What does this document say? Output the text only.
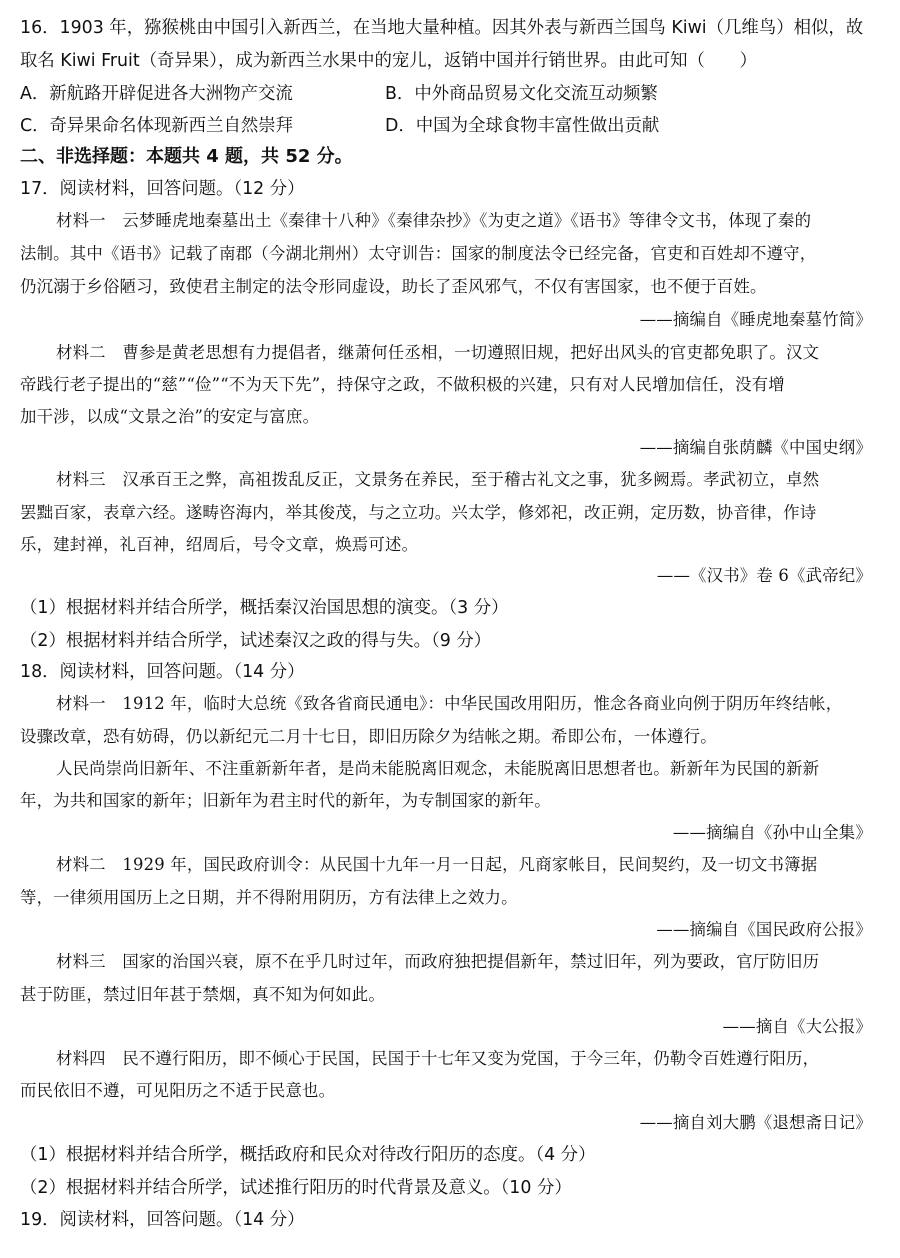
16．1903 年，猕猴桃由中国引入新西兰，在当地大量种植。因其外表与新西兰国鸟 Kiwi（几维鸟）相似，故
取名 Kiwi Fruit（奇异果），成为新西兰水果中的宠儿，返销中国并行销世界。由此可知（　　）
A．新航路开辟促进各大洲物产交流	B．中外商品贸易文化交流互动频繁
C．奇异果命名体现新西兰自然崇拜	D．中国为全球食物丰富性做出贡献
二、非选择题：本题共 4 题，共 52 分。
17．阅读材料，回答问题。（12 分）
材料一　云梦睡虎地秦墓出土《秦律十八种》《秦律杂抄》《为吏之道》《语书》等律令文书，体现了秦的
法制。其中《语书》记载了南郡（今湖北荆州）太守训告：国家的制度法令已经完备，官吏和百姓却不遵守，
仍沉溺于乡俗陋习，致使君主制定的法令形同虚设，助长了歪风邪气，不仅有害国家，也不便于百姓。
——摘编自《睡虎地秦墓竹简》
材料二　曹参是黄老思想有力提倡者，继萧何任丞相，一切遵照旧规，把好出风头的官吏都免职了。汉文
帝践行老子提出的“慈”“俭”“不为天下先”，持保守之政，不做积极的兴建，只有对人民增加信任，没有增
加干涉，以成“文景之治”的安定与富庶。
——摘编自张荫麟《中国史纲》
材料三　汉承百王之弊，高祖拨乱反正，文景务在养民，至于稽古礼文之事，犹多阙焉。孝武初立，卓然
罢黜百家，表章六经。遂畴咨海内，举其俊茂，与之立功。兴太学，修郊祀，改正朔，定历数，协音律，作诗
乐，建封禅，礼百神，绍周后，号令文章，焕焉可述。
——《汉书》卷 6《武帝纪》
（1）根据材料并结合所学，概括秦汉治国思想的演变。（3 分）
（2）根据材料并结合所学，试述秦汉之政的得与失。（9 分）
18．阅读材料，回答问题。（14 分）
材料一　1912 年，临时大总统《致各省商民通电》：中华民国改用阳历，惟念各商业向例于阴历年终结帐，
设骤改章，恐有妨碍，仍以新纪元二月十七日，即旧历除夕为结帐之期。希即公布，一体遵行。
人民尚崇尚旧新年、不注重新新年者，是尚未能脱离旧观念，未能脱离旧思想者也。新新年为民国的新新
年，为共和国家的新年；旧新年为君主时代的新年，为专制国家的新年。
——摘编自《孙中山全集》
材料二　1929 年，国民政府训令：从民国十九年一月一日起，凡商家帐目，民间契约，及一切文书簿据
等，一律须用国历上之日期，并不得附用阴历，方有法律上之效力。
——摘编自《国民政府公报》
材料三　国家的治国兴衰，原不在乎几时过年，而政府独把提倡新年，禁过旧年，列为要政，官厅防旧历
甚于防匪，禁过旧年甚于禁烟，真不知为何如此。
——摘自《大公报》
材料四　民不遵行阳历，即不倾心于民国，民国于十七年又变为党国，于今三年，仍勒令百姓遵行阳历，
而民依旧不遵，可见阳历之不适于民意也。
——摘自刘大鹏《退想斋日记》
（1）根据材料并结合所学，概括政府和民众对待改行阳历的态度。（4 分）
（2）根据材料并结合所学，试述推行阳历的时代背景及意义。（10 分）
19．阅读材料，回答问题。（14 分）
